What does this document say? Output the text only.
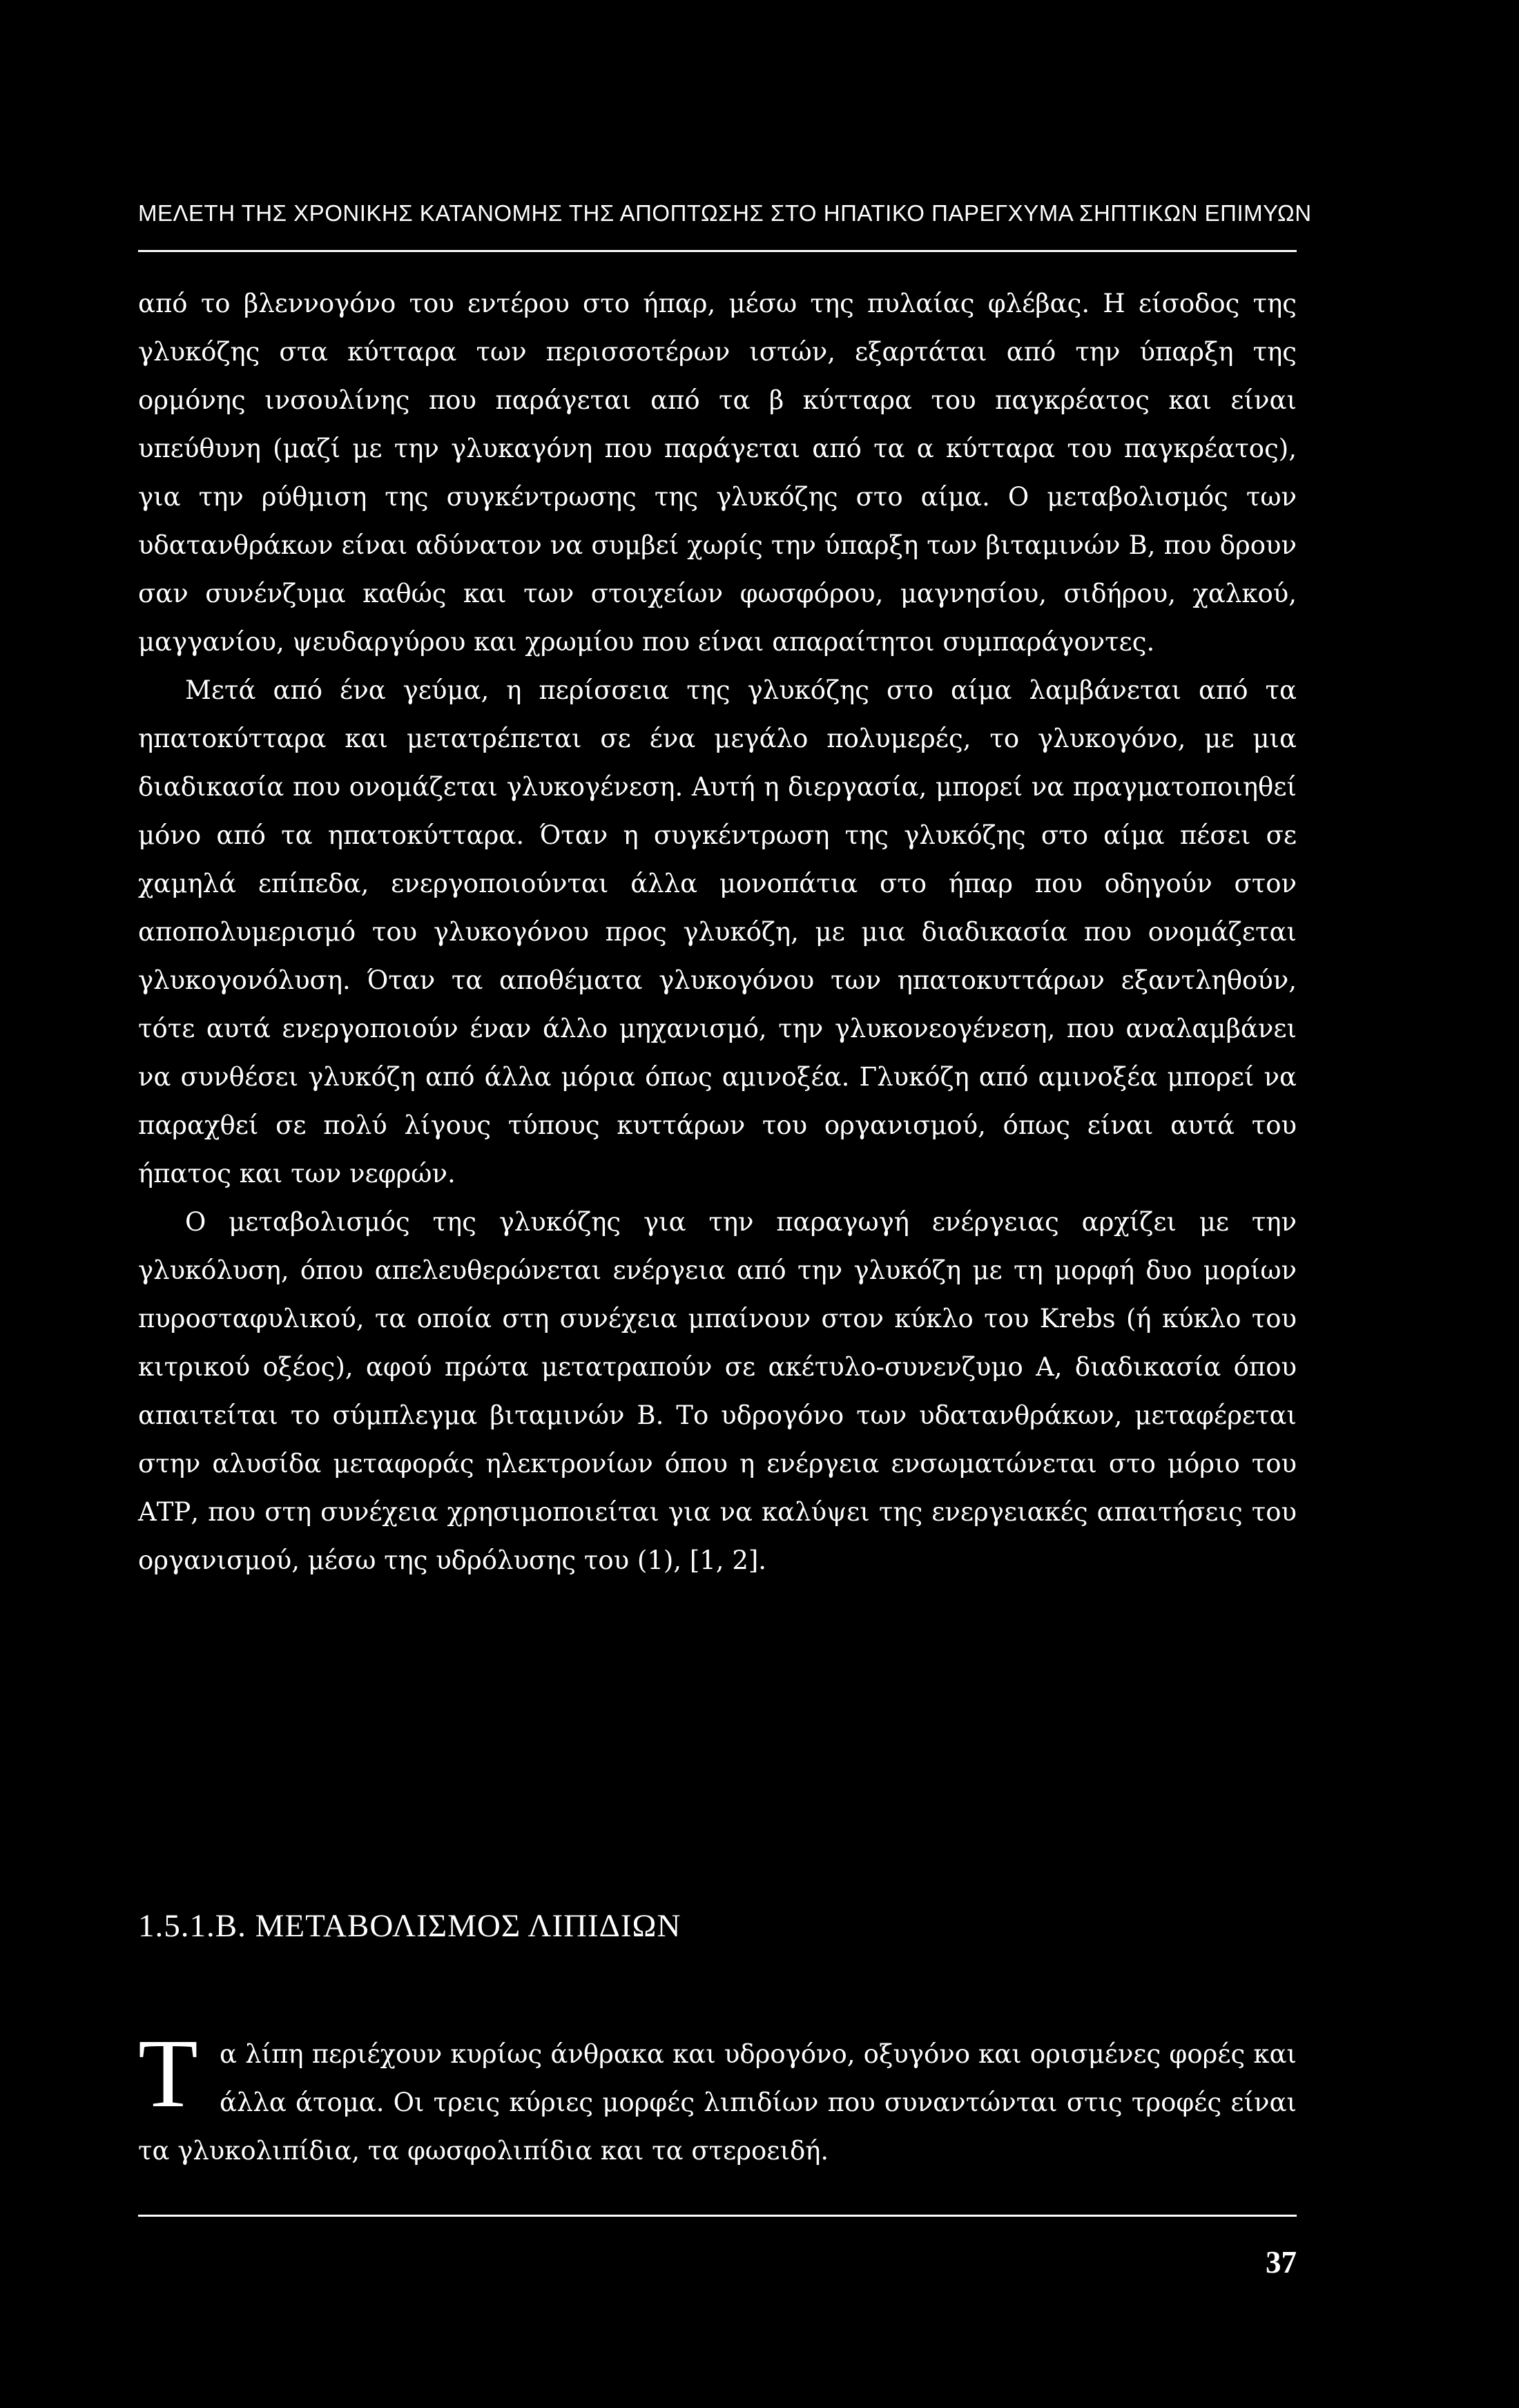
ΜΕΛΕΤΗ ΤΗΣ ΧΡΟΝΙΚΗΣ ΚΑΤΑΝΟΜΗΣ ΤΗΣ ΑΠΟΠΤΩΣΗΣ ΣΤΟ ΗΠΑΤΙΚΟ ΠΑΡΕΓΧΥΜΑ ΣΗΠΤΙΚΩΝ ΕΠΙΜΥΩΝ

από το βλεννογόνο του εντέρου στο ήπαρ, μέσω της πυλαίας φλέβας. Η είσοδος της γλυκόζης στα κύτταρα των περισσοτέρων ιστών, εξαρτάται από την ύπαρξη της ορμόνης ινσουλίνης που παράγεται από τα β κύτταρα του παγκρέατος και είναι υπεύθυνη (μαζί με την γλυκαγόνη που παράγεται από τα α κύτταρα του παγκρέατος), για την ρύθμιση της συγκέντρωσης της γλυκόζης στο αίμα. Ο μεταβολισμός των υδατανθράκων είναι αδύνατον να συμβεί χωρίς την ύπαρξη των βιταμινών Β, που δρουν σαν συνένζυμα καθώς και των στοιχείων φωσφόρου, μαγνησίου, σιδήρου, χαλκού, μαγγανίου, ψευδαργύρου και χρωμίου που είναι απαραίτητοι συμπαράγοντες.

Μετά από ένα γεύμα, η περίσσεια της γλυκόζης στο αίμα λαμβάνεται από τα ηπατοκύτταρα και μετατρέπεται σε ένα μεγάλο πολυμερές, το γλυκογόνο, με μια διαδικασία που ονομάζεται γλυκογένεση. Αυτή η διεργασία, μπορεί να πραγματοποιηθεί μόνο από τα ηπατοκύτταρα. Όταν η συγκέντρωση της γλυκόζης στο αίμα πέσει σε χαμηλά επίπεδα, ενεργοποιούνται άλλα μονοπάτια στο ήπαρ που οδηγούν στον αποπολυμερισμό του γλυκογόνου προς γλυκόζη, με μια διαδικασία που ονομάζεται γλυκογονόλυση. Όταν τα αποθέματα γλυκογόνου των ηπατοκυττάρων εξαντληθούν, τότε αυτά ενεργοποιούν έναν άλλο μηχανισμό, την γλυκονεογένεση, που αναλαμβάνει να συνθέσει γλυκόζη από άλλα μόρια όπως αμινοξέα. Γλυκόζη από αμινοξέα μπορεί να παραχθεί σε πολύ λίγους τύπους κυττάρων του οργανισμού, όπως είναι αυτά του ήπατος και των νεφρών.

Ο μεταβολισμός της γλυκόζης για την παραγωγή ενέργειας αρχίζει με την γλυκόλυση, όπου απελευθερώνεται ενέργεια από την γλυκόζη με τη μορφή δυο μορίων πυροσταφυλικού, τα οποία στη συνέχεια μπαίνουν στον κύκλο του Krebs (ή κύκλο του κιτρικού οξέος), αφού πρώτα μετατραπούν σε ακέτυλο-συνενζυμο Α, διαδικασία όπου απαιτείται το σύμπλεγμα βιταμινών Β. Το υδρογόνο των υδατανθράκων, μεταφέρεται στην αλυσίδα μεταφοράς ηλεκτρονίων όπου η ενέργεια ενσωματώνεται στο μόριο του ΑΤΡ, που στη συνέχεια χρησιμοποιείται για να καλύψει της ενεργειακές απαιτήσεις του οργανισμού, μέσω της υδρόλυσης του (1), [1, 2].

1.5.1.Β. ΜΕΤΑΒΟΛΙΣΜΟΣ ΛΙΠΙΔΙΩΝ
Τ α λίπη περιέχουν κυρίως άνθρακα και υδρογόνο, οξυγόνο και ορισμένες φορές και άλλα άτομα. Οι τρεις κύριες μορφές λιπιδίων που συναντώνται στις τροφές είναι τα γλυκολιπίδια, τα φωσφολιπίδια και τα στεροειδή.

37
